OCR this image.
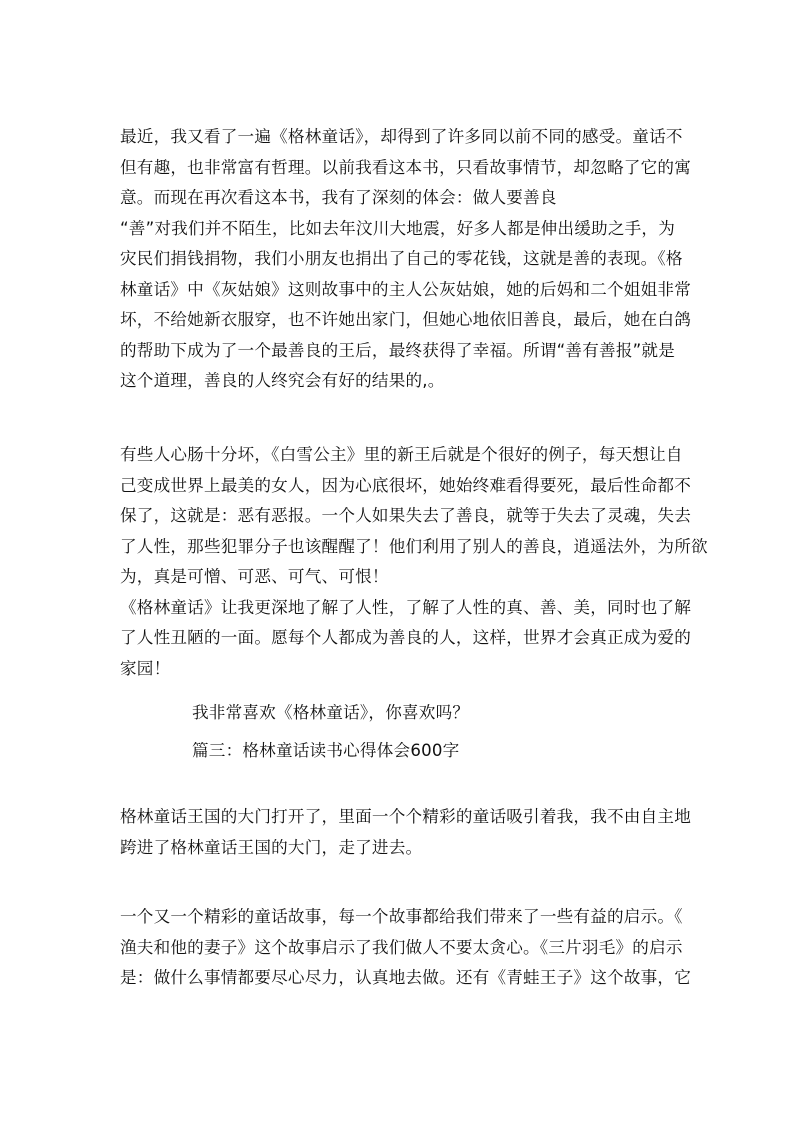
最近，我又看了一遍《格林童话》，却得到了许多同以前不同的感受。童话不
但有趣，也非常富有哲理。以前我看这本书，只看故事情节，却忽略了它的寓
意。而现在再次看这本书，我有了深刻的体会：做人要善良
“善”对我们并不陌生，比如去年汶川大地震，好多人都是伸出缓助之手，为
灾民们捐钱捐物，我们小朋友也捐出了自己的零花钱，这就是善的表现。《格
林童话》中《灰姑娘》这则故事中的主人公灰姑娘，她的后妈和二个姐姐非常
坏，不给她新衣服穿，也不许她出家门，但她心地依旧善良，最后，她在白鸽
的帮助下成为了一个最善良的王后，最终获得了幸福。所谓“善有善报”就是
这个道理，善良的人终究会有好的结果的,。
有些人心肠十分坏，《白雪公主》里的新王后就是个很好的例子，每天想让自
己变成世界上最美的女人，因为心底很坏，她始终难看得要死，最后性命都不
保了，这就是：恶有恶报。一个人如果失去了善良，就等于失去了灵魂，失去
了人性，那些犯罪分子也该醒醒了！他们利用了别人的善良，逍遥法外，为所欲
为，真是可憎、可恶、可气、可恨！
《格林童话》让我更深地了解了人性，了解了人性的真、善、美，同时也了解
了人性丑陋的一面。愿每个人都成为善良的人，这样，世界才会真正成为爱的
家园！
我非常喜欢《格林童话》，你喜欢吗？
篇三：格林童话读书心得体会600字
格林童话王国的大门打开了，里面一个个精彩的童话吸引着我，我不由自主地
跨进了格林童话王国的大门，走了进去。
一个又一个精彩的童话故事，每一个故事都给我们带来了一些有益的启示。《
渔夫和他的妻子》这个故事启示了我们做人不要太贪心。《三片羽毛》的启示
是：做什么事情都要尽心尽力，认真地去做。还有《青蛙王子》这个故事，它
